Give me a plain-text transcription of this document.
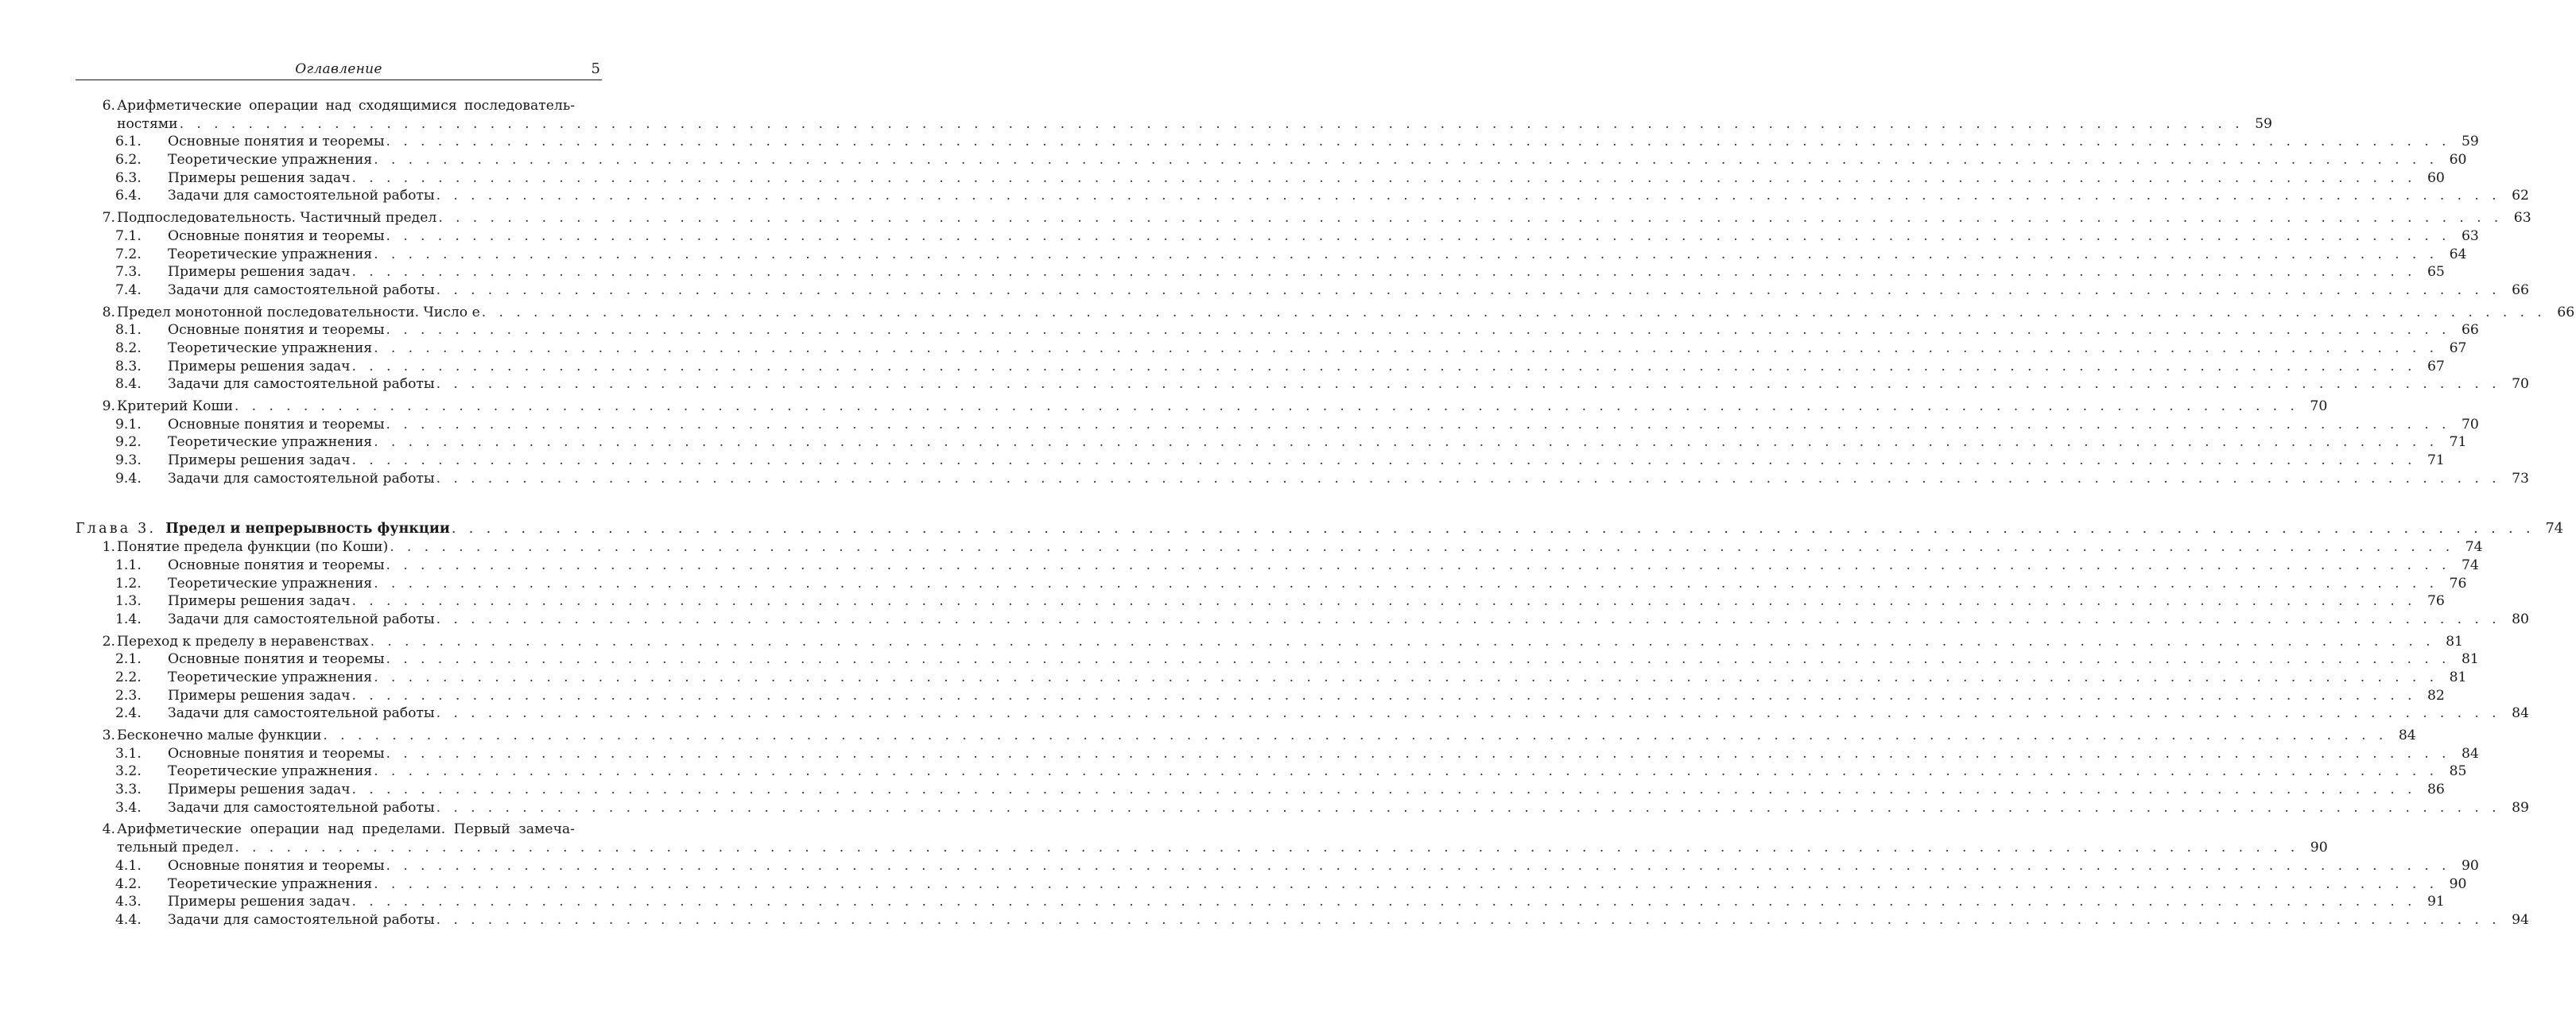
Оглавление	5
6. Арифметические операции над сходящимися последователь-
ностями . . . . . . . . . . . . . . . . . . . . . . . . . . . . . . . . . . . . . . . . . . . . . . . . . . . . . . . . . . . . . . . . . . . . . . . . . . . . . . . . . . . . . . . . . . . . . . . . . . . . . . . . . . . . . . . . . . . . . . . . 59
6.1.	Основные понятия и теоремы . . . . . . . . . . . . . . . . . . . . . . . . . . . . . . . . . . . . . . . . . . . . . . . . . . . . . . . . . . . . . . . . . . . . . . . . . . . . . . . . . . . . . . . . . . . . . . . . . . . . . . . . . . . . . . . . . . . . . . . . 59
6.2.	Теоретические упражнения . . . . . . . . . . . . . . . . . . . . . . . . . . . . . . . . . . . . . . . . . . . . . . . . . . . . . . . . . . . . . . . . . . . . . . . . . . . . . . . . . . . . . . . . . . . . . . . . . . . . . . . . . . . . . . . . . . . . . . . . 60
6.3.	Примеры решения задач . . . . . . . . . . . . . . . . . . . . . . . . . . . . . . . . . . . . . . . . . . . . . . . . . . . . . . . . . . . . . . . . . . . . . . . . . . . . . . . . . . . . . . . . . . . . . . . . . . . . . . . . . . . . . . . . . . . . . . . . 60
6.4.	Задачи для самостоятельной работы . . . . . . . . . . . . . . . . . . . . . . . . . . . . . . . . . . . . . . . . . . . . . . . . . . . . . . . . . . . . . . . . . . . . . . . . . . . . . . . . . . . . . . . . . . . . . . . . . . . . . . . . . . . . . . . . . . . . . . . . 62
7. Подпоследовательность. Частичный предел . . . . . . . . . . . . . . . . . . . . . . . . . . . . . . . . . . . . . . . . . . . . . . . . . . . . . . . . . . . . . . . . . . . . . . . . . . . . . . . . . . . . . . . . . . . . . . . . . . . . . . . . . . . . . . . . . . . . . . . . 63
7.1.	Основные понятия и теоремы . . . . . . . . . . . . . . . . . . . . . . . . . . . . . . . . . . . . . . . . . . . . . . . . . . . . . . . . . . . . . . . . . . . . . . . . . . . . . . . . . . . . . . . . . . . . . . . . . . . . . . . . . . . . . . . . . . . . . . . . 63
7.2.	Теоретические упражнения . . . . . . . . . . . . . . . . . . . . . . . . . . . . . . . . . . . . . . . . . . . . . . . . . . . . . . . . . . . . . . . . . . . . . . . . . . . . . . . . . . . . . . . . . . . . . . . . . . . . . . . . . . . . . . . . . . . . . . . . 64
7.3.	Примеры решения задач . . . . . . . . . . . . . . . . . . . . . . . . . . . . . . . . . . . . . . . . . . . . . . . . . . . . . . . . . . . . . . . . . . . . . . . . . . . . . . . . . . . . . . . . . . . . . . . . . . . . . . . . . . . . . . . . . . . . . . . . 65
7.4.	Задачи для самостоятельной работы . . . . . . . . . . . . . . . . . . . . . . . . . . . . . . . . . . . . . . . . . . . . . . . . . . . . . . . . . . . . . . . . . . . . . . . . . . . . . . . . . . . . . . . . . . . . . . . . . . . . . . . . . . . . . . . . . . . . . . . . 66
8. Предел монотонной последовательности. Число e . . . . . . . . . . . . . . . . . . . . . . . . . . . . . . . . . . . . . . . . . . . . . . . . . . . . . . . . . . . . . . . . . . . . . . . . . . . . . . . . . . . . . . . . . . . . . . . . . . . . . . . . . . . . . . . . . . . . . . . . 66
8.1.	Основные понятия и теоремы . . . . . . . . . . . . . . . . . . . . . . . . . . . . . . . . . . . . . . . . . . . . . . . . . . . . . . . . . . . . . . . . . . . . . . . . . . . . . . . . . . . . . . . . . . . . . . . . . . . . . . . . . . . . . . . . . . . . . . . . 66
8.2.	Теоретические упражнения . . . . . . . . . . . . . . . . . . . . . . . . . . . . . . . . . . . . . . . . . . . . . . . . . . . . . . . . . . . . . . . . . . . . . . . . . . . . . . . . . . . . . . . . . . . . . . . . . . . . . . . . . . . . . . . . . . . . . . . . 67
8.3.	Примеры решения задач . . . . . . . . . . . . . . . . . . . . . . . . . . . . . . . . . . . . . . . . . . . . . . . . . . . . . . . . . . . . . . . . . . . . . . . . . . . . . . . . . . . . . . . . . . . . . . . . . . . . . . . . . . . . . . . . . . . . . . . . 67
8.4.	Задачи для самостоятельной работы . . . . . . . . . . . . . . . . . . . . . . . . . . . . . . . . . . . . . . . . . . . . . . . . . . . . . . . . . . . . . . . . . . . . . . . . . . . . . . . . . . . . . . . . . . . . . . . . . . . . . . . . . . . . . . . . . . . . . . . . 70
9. Критерий Коши . . . . . . . . . . . . . . . . . . . . . . . . . . . . . . . . . . . . . . . . . . . . . . . . . . . . . . . . . . . . . . . . . . . . . . . . . . . . . . . . . . . . . . . . . . . . . . . . . . . . . . . . . . . . . . . . . . . . . . . . 70
9.1.	Основные понятия и теоремы . . . . . . . . . . . . . . . . . . . . . . . . . . . . . . . . . . . . . . . . . . . . . . . . . . . . . . . . . . . . . . . . . . . . . . . . . . . . . . . . . . . . . . . . . . . . . . . . . . . . . . . . . . . . . . . . . . . . . . . . 70
9.2.	Теоретические упражнения . . . . . . . . . . . . . . . . . . . . . . . . . . . . . . . . . . . . . . . . . . . . . . . . . . . . . . . . . . . . . . . . . . . . . . . . . . . . . . . . . . . . . . . . . . . . . . . . . . . . . . . . . . . . . . . . . . . . . . . . 71
9.3.	Примеры решения задач . . . . . . . . . . . . . . . . . . . . . . . . . . . . . . . . . . . . . . . . . . . . . . . . . . . . . . . . . . . . . . . . . . . . . . . . . . . . . . . . . . . . . . . . . . . . . . . . . . . . . . . . . . . . . . . . . . . . . . . . 71
9.4.	Задачи для самостоятельной работы . . . . . . . . . . . . . . . . . . . . . . . . . . . . . . . . . . . . . . . . . . . . . . . . . . . . . . . . . . . . . . . . . . . . . . . . . . . . . . . . . . . . . . . . . . . . . . . . . . . . . . . . . . . . . . . . . . . . . . . . 73
Глава 3. Предел и непрерывность функции . . . . . . . . . . . . . . . . . . . . . . . . . . . . . . . . . . . . . . . . . . . . . . . . . . . . . . . . . . . . . . . . . . . . . . . . . . . . . . . . . . . . . . . . . . . . . . . . . . . . . . . . . . . . . . . . . . . . . . . . 74
1. Понятие предела функции (по Коши) . . . . . . . . . . . . . . . . . . . . . . . . . . . . . . . . . . . . . . . . . . . . . . . . . . . . . . . . . . . . . . . . . . . . . . . . . . . . . . . . . . . . . . . . . . . . . . . . . . . . . . . . . . . . . . . . . . . . . . . . 74
1.1.	Основные понятия и теоремы . . . . . . . . . . . . . . . . . . . . . . . . . . . . . . . . . . . . . . . . . . . . . . . . . . . . . . . . . . . . . . . . . . . . . . . . . . . . . . . . . . . . . . . . . . . . . . . . . . . . . . . . . . . . . . . . . . . . . . . . 74
1.2.	Теоретические упражнения . . . . . . . . . . . . . . . . . . . . . . . . . . . . . . . . . . . . . . . . . . . . . . . . . . . . . . . . . . . . . . . . . . . . . . . . . . . . . . . . . . . . . . . . . . . . . . . . . . . . . . . . . . . . . . . . . . . . . . . . 76
1.3.	Примеры решения задач . . . . . . . . . . . . . . . . . . . . . . . . . . . . . . . . . . . . . . . . . . . . . . . . . . . . . . . . . . . . . . . . . . . . . . . . . . . . . . . . . . . . . . . . . . . . . . . . . . . . . . . . . . . . . . . . . . . . . . . . 76
1.4.	Задачи для самостоятельной работы . . . . . . . . . . . . . . . . . . . . . . . . . . . . . . . . . . . . . . . . . . . . . . . . . . . . . . . . . . . . . . . . . . . . . . . . . . . . . . . . . . . . . . . . . . . . . . . . . . . . . . . . . . . . . . . . . . . . . . . . 80
2. Переход к пределу в неравенствах . . . . . . . . . . . . . . . . . . . . . . . . . . . . . . . . . . . . . . . . . . . . . . . . . . . . . . . . . . . . . . . . . . . . . . . . . . . . . . . . . . . . . . . . . . . . . . . . . . . . . . . . . . . . . . . . . . . . . . . . 81
2.1.	Основные понятия и теоремы . . . . . . . . . . . . . . . . . . . . . . . . . . . . . . . . . . . . . . . . . . . . . . . . . . . . . . . . . . . . . . . . . . . . . . . . . . . . . . . . . . . . . . . . . . . . . . . . . . . . . . . . . . . . . . . . . . . . . . . . 81
2.2.	Теоретические упражнения . . . . . . . . . . . . . . . . . . . . . . . . . . . . . . . . . . . . . . . . . . . . . . . . . . . . . . . . . . . . . . . . . . . . . . . . . . . . . . . . . . . . . . . . . . . . . . . . . . . . . . . . . . . . . . . . . . . . . . . . 81
2.3.	Примеры решения задач . . . . . . . . . . . . . . . . . . . . . . . . . . . . . . . . . . . . . . . . . . . . . . . . . . . . . . . . . . . . . . . . . . . . . . . . . . . . . . . . . . . . . . . . . . . . . . . . . . . . . . . . . . . . . . . . . . . . . . . . 82
2.4.	Задачи для самостоятельной работы . . . . . . . . . . . . . . . . . . . . . . . . . . . . . . . . . . . . . . . . . . . . . . . . . . . . . . . . . . . . . . . . . . . . . . . . . . . . . . . . . . . . . . . . . . . . . . . . . . . . . . . . . . . . . . . . . . . . . . . . 84
3. Бесконечно малые функции . . . . . . . . . . . . . . . . . . . . . . . . . . . . . . . . . . . . . . . . . . . . . . . . . . . . . . . . . . . . . . . . . . . . . . . . . . . . . . . . . . . . . . . . . . . . . . . . . . . . . . . . . . . . . . . . . . . . . . . . 84
3.1.	Основные понятия и теоремы . . . . . . . . . . . . . . . . . . . . . . . . . . . . . . . . . . . . . . . . . . . . . . . . . . . . . . . . . . . . . . . . . . . . . . . . . . . . . . . . . . . . . . . . . . . . . . . . . . . . . . . . . . . . . . . . . . . . . . . . 84
3.2.	Теоретические упражнения . . . . . . . . . . . . . . . . . . . . . . . . . . . . . . . . . . . . . . . . . . . . . . . . . . . . . . . . . . . . . . . . . . . . . . . . . . . . . . . . . . . . . . . . . . . . . . . . . . . . . . . . . . . . . . . . . . . . . . . . 85
3.3.	Примеры решения задач . . . . . . . . . . . . . . . . . . . . . . . . . . . . . . . . . . . . . . . . . . . . . . . . . . . . . . . . . . . . . . . . . . . . . . . . . . . . . . . . . . . . . . . . . . . . . . . . . . . . . . . . . . . . . . . . . . . . . . . . 86
3.4.	Задачи для самостоятельной работы . . . . . . . . . . . . . . . . . . . . . . . . . . . . . . . . . . . . . . . . . . . . . . . . . . . . . . . . . . . . . . . . . . . . . . . . . . . . . . . . . . . . . . . . . . . . . . . . . . . . . . . . . . . . . . . . . . . . . . . . 89
4. Арифметические операции над пределами. Первый замеча-
тельный предел . . . . . . . . . . . . . . . . . . . . . . . . . . . . . . . . . . . . . . . . . . . . . . . . . . . . . . . . . . . . . . . . . . . . . . . . . . . . . . . . . . . . . . . . . . . . . . . . . . . . . . . . . . . . . . . . . . . . . . . . 90
4.1.	Основные понятия и теоремы . . . . . . . . . . . . . . . . . . . . . . . . . . . . . . . . . . . . . . . . . . . . . . . . . . . . . . . . . . . . . . . . . . . . . . . . . . . . . . . . . . . . . . . . . . . . . . . . . . . . . . . . . . . . . . . . . . . . . . . . 90
4.2.	Теоретические упражнения . . . . . . . . . . . . . . . . . . . . . . . . . . . . . . . . . . . . . . . . . . . . . . . . . . . . . . . . . . . . . . . . . . . . . . . . . . . . . . . . . . . . . . . . . . . . . . . . . . . . . . . . . . . . . . . . . . . . . . . . 90
4.3.	Примеры решения задач . . . . . . . . . . . . . . . . . . . . . . . . . . . . . . . . . . . . . . . . . . . . . . . . . . . . . . . . . . . . . . . . . . . . . . . . . . . . . . . . . . . . . . . . . . . . . . . . . . . . . . . . . . . . . . . . . . . . . . . . 91
4.4.	Задачи для самостоятельной работы . . . . . . . . . . . . . . . . . . . . . . . . . . . . . . . . . . . . . . . . . . . . . . . . . . . . . . . . . . . . . . . . . . . . . . . . . . . . . . . . . . . . . . . . . . . . . . . . . . . . . . . . . . . . . . . . . . . . . . . . 94
